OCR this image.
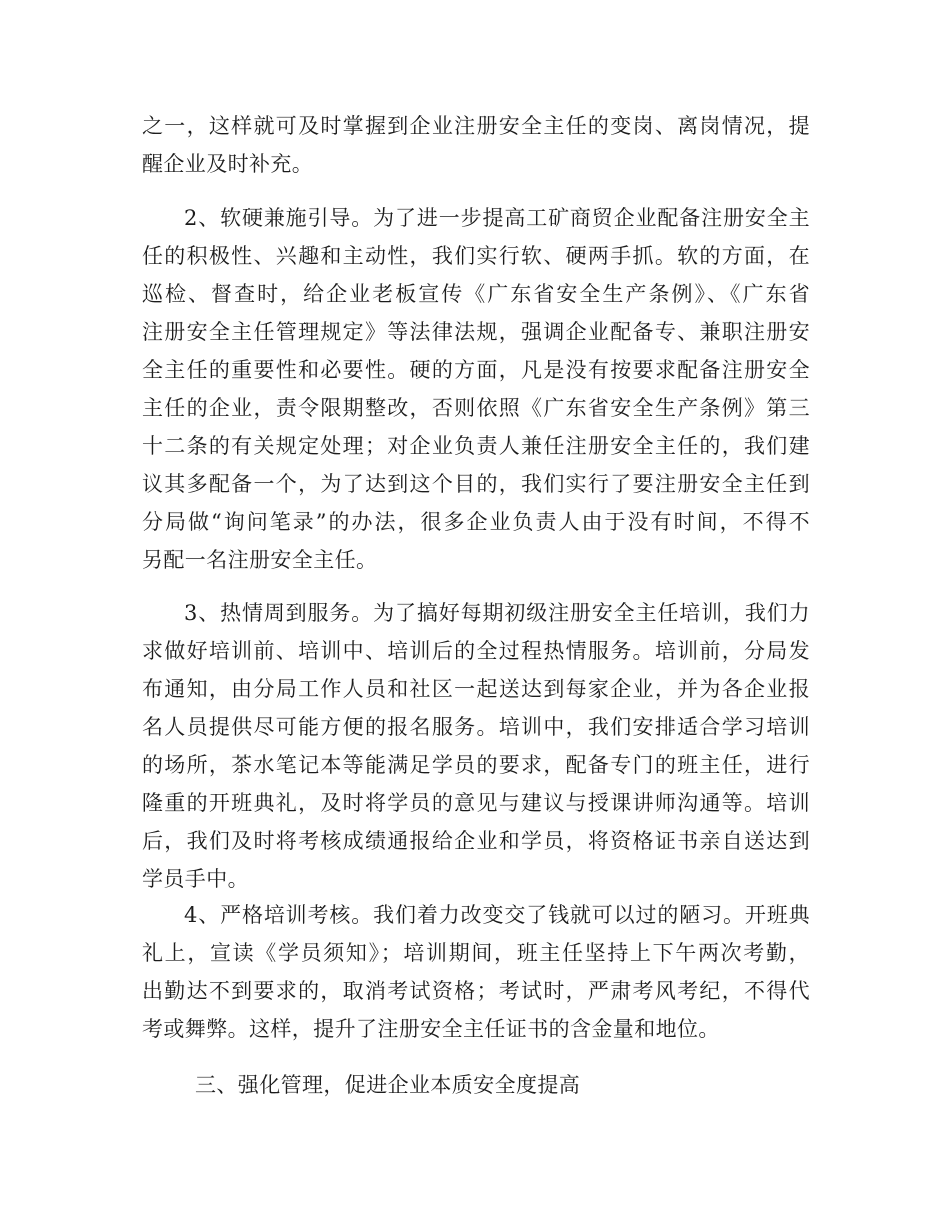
之一，这样就可及时掌握到企业注册安全主任的变岗、离岗情况，提
醒企业及时补充。
2、软硬兼施引导。为了进一步提高工矿商贸企业配备注册安全主
任的积极性、兴趣和主动性，我们实行软、硬两手抓。软的方面，在
巡检、督查时，给企业老板宣传《广东省安全生产条例》、《广东省
注册安全主任管理规定》等法律法规，强调企业配备专、兼职注册安
全主任的重要性和必要性。硬的方面，凡是没有按要求配备注册安全
主任的企业，责令限期整改，否则依照《广东省安全生产条例》第三
十二条的有关规定处理；对企业负责人兼任注册安全主任的，我们建
议其多配备一个，为了达到这个目的，我们实行了要注册安全主任到
分局做“询问笔录”的办法，很多企业负责人由于没有时间，不得不
另配一名注册安全主任。
3、热情周到服务。为了搞好每期初级注册安全主任培训，我们力
求做好培训前、培训中、培训后的全过程热情服务。培训前，分局发
布通知，由分局工作人员和社区一起送达到每家企业，并为各企业报
名人员提供尽可能方便的报名服务。培训中，我们安排适合学习培训
的场所，茶水笔记本等能满足学员的要求，配备专门的班主任，进行
隆重的开班典礼，及时将学员的意见与建议与授课讲师沟通等。培训
后，我们及时将考核成绩通报给企业和学员，将资格证书亲自送达到
学员手中。
4、严格培训考核。我们着力改变交了钱就可以过的陋习。开班典
礼上，宣读《学员须知》；培训期间，班主任坚持上下午两次考勤，
出勤达不到要求的，取消考试资格；考试时，严肃考风考纪，不得代
考或舞弊。这样，提升了注册安全主任证书的含金量和地位。
三、强化管理，促进企业本质安全度提高
